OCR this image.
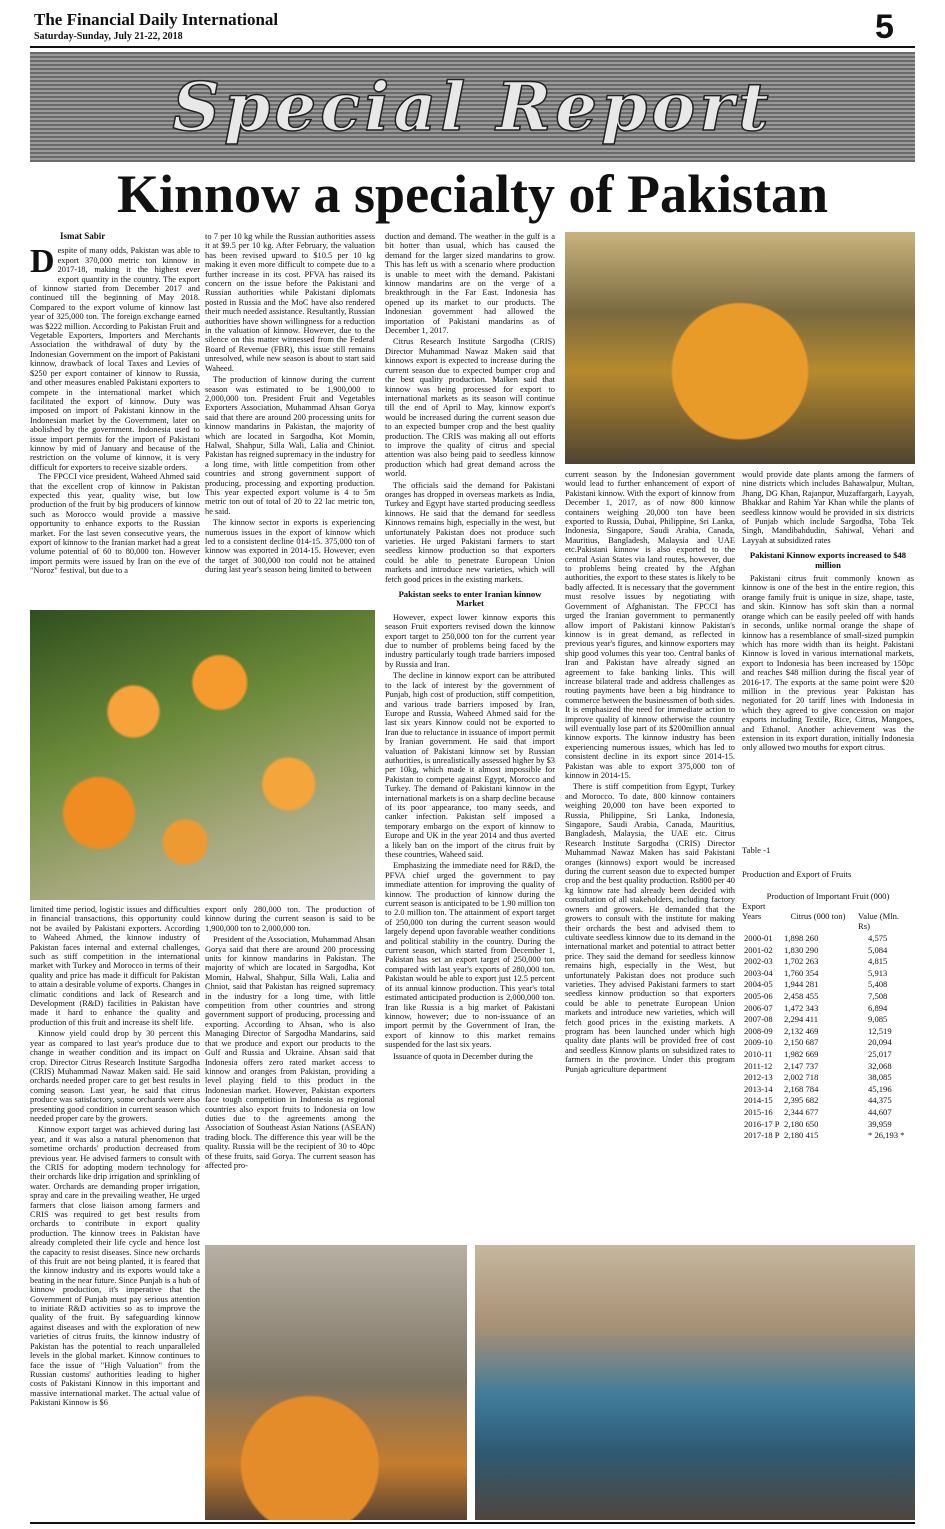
The Financial Daily International
Saturday-Sunday, July 21-22, 2018	5
Special Report
Kinnow a specialty of Pakistan
Ismat Sabir
D espite of many odds, Pakistan was able to export 370,000 metric ton kinnow in 2017-18, making it the highest ever export quantity in the country. The export of kinnow started from December 2017 and continued till the beginning of May 2018. Compared to the export volume of kinnow last year of 325,000 ton. The foreign exchange earned was $222 million. According to Pakistan Fruit and Vegetable Exporters, Importers and Merchants Association the withdrawal of duty by the Indonesian Government on the import of Pakistani kinnow, drawback of local Taxes and Levies of $250 per export container of kinnow to Russia, and other measures enabled Pakistani exporters to compete in the international market which facilitated the export of kinnow. Duty was imposed on import of Pakistani kinnow in the Indonesian market by the Government, later on abolished by the government. Indonesia used to issue import permits for the import of Pakistani kinnow by mid of January and because of the restriction on the volume of kinnow, it is very difficult for exporters to receive sizable orders.

The FPCCI vice president, Waheed Ahmed said that the excellent crop of kinnow in Pakistan expected this year, quality wise, but low production of the fruit by big producers of kinnow such as Morocco would provide a massive opportunity to enhance exports to the Russian market. For the last seven consecutive years, the export of kinnow to the Iranian market had a great volume potential of 60 to 80,000 ton. However import permits were issued by Iran on the eve of "Noroz" festival, but due to a

to 7 per 10 kg while the Russian authorities assess it at $9.5 per 10 kg. After February, the valuation has been revised upward to $10.5 per 10 kg making it even more difficult to compete due to a further increase in its cost. PFVA has raised its concern on the issue before the Pakistani and Russian authorities while Pakistani diplomats posted in Russia and the MoC have also rendered their much needed assistance. Resultantly, Russian authorities have shown willingness for a reduction in the valuation of kinnow. However, due to the silence on this matter witnessed from the Federal Board of Revenue (FBR), this issue still remains unresolved, while new season is about to start said Waheed.

The production of kinnow during the current season was estimated to be 1,900,000 to 2,000,000 ton. President Fruit and Vegetables Exporters Association, Muhammad Ahsan Gorya said that there are around 200 processing units for kinnow mandarins in Pakistan, the majority of which are located in Sargodha, Kot Momin, Halwal, Shahpur, Silla Wali, Lalia and Chiniot. Pakistan has reigned supremacy in the industry for a long time, with little competition from other countries and strong government support of producing, processing and exporting production. This year expected export volume is 4 to 5m metric ton out of total of 20 to 22 lac metric ton, he said.

The kinnow sector in exports is experiencing numerous issues in the export of kinnow which led to a consistent decline 014-15. 375,000 ton of kinnow was exported in 2014-15. However, even the target of 300,000 ton could not be attained during last year's season being limited to between

duction and demand. The weather in the gulf is a bit hotter than usual, which has caused the demand for the larger sized mandarins to grow. This has left us with a scenario where production is unable to meet with the demand. Pakistani kinnow mandarins are on the verge of a breakthrough in the Far East. Indonesia has opened up its market to our products. The Indonesian government had allowed the importation of Pakistani mandarins as of December 1, 2017.

Citrus Research Institute Sargodha (CRIS) Director Muhammad Nawaz Maken said that kinnows export is expected to increase during the current season due to expected bumper crop and the best quality production. Maiken said that kinnow was being processed for export to international markets as its season will continue till the end of April to May, kinnow export's would be increased during the current season due to an expected bumper crop and the best quality production. The CRIS was making all out efforts to improve the quality of citrus and special attention was also being paid to seedless kinnow production which had great demand across the world.

The officials said the demand for Pakistani oranges has dropped in overseas markets as India, Turkey and Egypt have started producing seedless kinnows. He said that the demand for seedless Kinnows remains high, especially in the west, but unfortunately Pakistan does not produce such varieties. He urged Pakistani farmers to start seedless kinnow production so that exporters could be able to penetrate European Union markets and introduce new varieties, which will fetch good prices in the existing markets.

Pakistan seeks to enter Iranian kinnow Market

However, expect lower kinnow exports this season Fruit exporters revised down the kinnow export target to 250,000 ton for the current year due to number of problems being faced by the industry particularly tough trade barriers imposed by Russia and Iran.

The decline in kinnow export can be attributed to the lack of interest by the government of Punjab, high cost of production, stiff competition, and various trade barriers imposed by Iran, Europe and Russia, Waheed Ahmed said for the last six years Kinnow could not be exported to Iran due to reluctance in issuance of import permit by Iranian government. He said that import valuation of Pakistani kinnow set by Russian authorities, is unrealistically assessed higher by $3 per 10kg, which made it almost impossible for Pakistan to compete against Egypt, Morocco and Turkey. The demand of Pakistani kinnow in the international markets is on a sharp decline because of its poor appearance, too many seeds, and canker infection. Pakistan self imposed a temporary embargo on the export of kinnow to Europe and UK in the year 2014 and thus averted a likely ban on the import of the citrus fruit by these countries, Waheed said.

Emphasizing the immediate need for R&D, the PFVA chief urged the government to pay immediate attention for improving the quality of kinnow. The production of kinnow during the current season is anticipated to be 1.90 million ton to 2.0 million ton. The attainment of export target of 250,000 ton during the current season would largely depend upon favorable weather conditions and political stability in the country. During the current season, which started from December 1, Pakistan has set an export target of 250,000 ton compared with last year's exports of 280,000 ton. Pakistan would be able to export just 12.5 percent of its annual kinnow production. This year's total estimated anticipated production is 2,000,000 ton. Iran like Russia is a big market of Pakistani kinnow, however; due to non-issuance of an import permit by the Government of Iran, the export of kinnow to this market remains suspended for the last six years.

Issuance of quota in December during the

current season by the Indonesian government would lead to further enhancement of export of Pakistani kinnow. With the export of kinnow from December 1, 2017, as of now 800 kinnow containers weighing 20,000 ton have been exported to Russia, Dubai, Philippine, Sri Lanka, Indonesia, Singapore, Saudi Arabia, Canada, Mauritius, Bangladesh, Malaysia and UAE etc.Pakistani kinnow is also exported to the central Asian States via land routes, however, due to problems being created by the Afghan authorities, the export to these states is likely to be badly affected. It is necessary that the government must resolve issues by negotiating with Government of Afghanistan. The FPCCI has urged the Iranian government to permanently allow import of Pakistani kinnow Pakistan's kinnow is in great demand, as reflected in previous year's figures, and kinnow exporters may ship good volumes this year too. Central banks of Iran and Pakistan have already signed an agreement to fake banking links. This will increase bilateral trade and address challenges as routing payments have been a big hindrance to commerce between the businessmen of both sides. It is emphasized the need for immediate action to improve quality of kinnow otherwise the country will eventually lose part of its $200million annual kinnow exports. The kinnow industry has been experiencing numerous issues, which has led to consistent decline in its export since 2014-15. Pakistan was able to export 375,000 ton of kinnow in 2014-15.

There is stiff competition from Egypt, Turkey and Morocco. To date, 800 kinnow containers weighing 20,000 ton have been exported to Russia, Philippine, Sri Lanka, Indonesia, Singapore, Saudi Arabia, Canada, Mauritius, Bangladesh, Malaysia, the UAE etc. Citrus Research Institute Sargodha (CRIS) Director Muhammad Nawaz Maken has said Pakistani oranges (kinnows) export would be increased during the current season due to expected bumper crop and the best quality production. Rs800 per 40 kg kinnow rate had already been decided with consultation of all stakeholders, including factory owners and growers. He demanded that the growers to consult with the institute for making their orchards the best and advised them to cultivate seedless kinnow due to its demand in the international market and potential to attract better price. They said the demand for seedless kinnow remains high, especially in the West, but unfortunately Pakistan does not produce such varieties. They advised Pakistani farmers to start seedless kinnow production so that exporters could be able to penetrate European Union markets and introduce new varieties, which will fetch good prices in the existing markets. A program has been launched under which high quality date plants will be provided free of cost and seedless Kinnow plants on subsidized rates to farmers in the province. Under this program Punjab agriculture department

would provide date plants among the farmers of nine districts which includes Bahawalpur, Multan, Jhang, DG Khan, Rajanpur, Muzaffargarh, Layyah, Bhakkar and Rahim Yar Khan while the plants of seedless kinnow would be provided in six districts of Punjab which include Sargodha, Toba Tek Singh, Mandibahdudin, Sahiwal, Vehari and Layyah at subsidized rates

Pakistani Kinnow exports increased to $48 million

Pakistani citrus fruit commonly known as kinnow is one of the best in the entire region, this orange family fruit is unique in size, shape, taste, and skin. Kinnow has soft skin than a normal orange which can be easily peeled off with hands in seconds, unlike normal orange the shape of kinnow has a resemblance of small-sized pumpkin which has more width than its height. Pakistani Kinnow is loved in various international markets, export to Indonesia has been increased by 150pc and reaches $48 million during the fiscal year of 2016-17. The exports at the same point were $20 million in the previous year Pakistan has negotiated for 20 tariff lines with Indonesia in which they agreed to give concession on major exports including Textile, Rice, Citrus, Mangoes, and Ethanol. Another achievement was the extension in its export duration, initially Indonesia only allowed two mouths for export citrus.

Table -1
Production and Export of Fruits
Production of Important Fruit (000)
Export
Years	Citrus (000 ton)	Value (Mln. Rs)
2000-01	1,898 260	4,575
2001-02	1,830 290	5,084
2002-03	1,702 263	4,815
2003-04	1,760 354	5,913
2004-05	1,944 281	5,408
2005-06	2,458 455	7,508
2006-07	1,472 343	6,894
2007-08	2,294 411	9,085
2008-09	2,132 469	12,519
2009-10	2,150 687	20,094
2010-11	1,982 669	25,017
2011-12	2,147 737	32,068
2012-13	2,002 718	38,085
2013-14	2,168 784	45,196
2014-15	2,395 682	44,375
2015-16	2,344 677	44,607
2016-17 P	2,180 650	39,959
2017-18 P	2,180 415	* 26,193 *

limited time period, logistic issues and difficulties in financial transactions, this opportunity could not be availed by Pakistani exporters. According to Waheed Ahmed, the kinnow industry of Pakistan faces internal and external challenges, such as stiff competition in the international market with Turkey and Morocco in terms of their quality and price has made it difficult for Pakistan to attain a desirable volume of exports. Changes in climatic conditions and lack of Research and Development (R&D) facilities in Pakistan have made it hard to enhance the quality and production of this fruit and increase its shelf life.

Kinnow yield could drop by 30 percent this year as compared to last year's produce due to change in weather condition and its impact on crop. Director Citrus Research Institute Sargodha (CRIS) Muhammad Nawaz Maken said. He said orchards needed proper care to get best results in coming season. Last year, he said that citrus produce was satisfactory, some orchards were also presenting good condition in current season which needed proper care by the growers.

Kinnow export target was achieved during last year, and it was also a natural phenomenon that sometime orchards' production decreased from previous year. He advised farmers to consult with the CRIS for adopting modern technology for their orchards like drip irrigation and sprinkling of water. Orchards are demanding proper irrigation, spray and care in the prevailing weather, He urged farmers that close liaison among farmers and CRIS was required to get best results from orchards to contribute in export quality production. The kinnow trees in Pakistan have already completed their life cycle and hence lost the capacity to resist diseases. Since new orchards of this fruit are not being planted, it is feared that the kinnow industry and its exports would take a beating in the near future. Since Punjab is a hub of kinnow production, it's imperative that the Government of Punjab must pay serious attention to initiate R&D activities so as to improve the quality of the fruit. By safeguarding kinnow against diseases and with the exploration of new varieties of citrus fruits, the kinnow industry of Pakistan has the potential to reach unparalleled levels in the global market. Kinnow continues to face the issue of "High Valuation" from the Russian customs' authorities leading to higher costs of Pakistani Kinnow in this important and massive international market. The actual value of Pakistani Kinnow is $6

export only 280,000 ton. The production of kinnow during the current season is said to be 1,900,000 ton to 2,000,000 ton.

President of the Association, Muhammad Ahsan Gorya said that there are around 200 processing units for kinnow mandarins in Pakistan. The majority of which are located in Sargodha, Kot Momin, Halwal, Shahpur, Silla Wali, Lalia and Chniot, said that Pakistan has reigned supremacy in the industry for a long time, with little competition from other countries and strong government support of producing, processing and exporting. According to Ahsan, who is also Managing Director of Sargodha Mandarins, said that we produce and export our products to the Gulf and Russia and Ukraine. Ahsan said that Indonesia offers zero rated market access to kinnow and oranges from Pakistan, providing a level playing field to this product in the Indonesian market. However, Pakistan exporters face tough competition in Indonesia as regional countries also export fruits to Indonesia on low duties due to the agreements among the Association of Southeast Asian Nations (ASEAN) trading block. The difference this year will be the quality. Russia will be the recipient of 30 to 40pc of these fruits, said Gorya. The current season has affected pro-
